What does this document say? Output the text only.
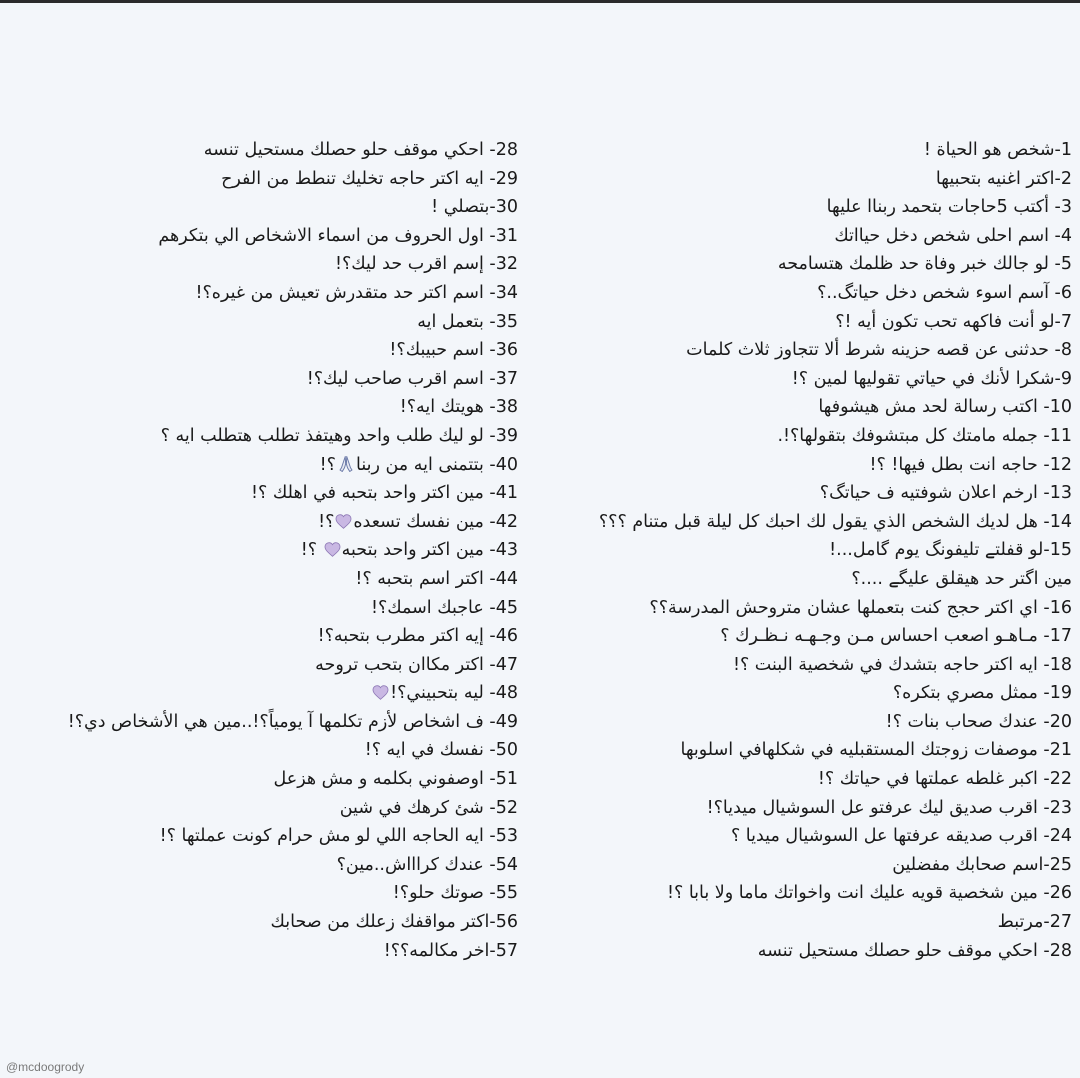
28- احكي موقف حلو حصلك مستحيل تنسه
29- ايه اكتر حاجه تخليك تنطط من الفرح
30-بتصلي !
31- اول الحروف من اسماء الاشخاص الي بتكرهم
32- إسم اقرب حد ليك؟!
34- اسم اكتر حد متقدرش تعيش من غيره؟!
35- بتعمل ايه
36- اسم حبيبك؟!
37- اسم اقرب صاحب ليك؟!
38- هويتك ايه؟!
39- لو ليك طلب واحد وهيتفذ تطلب هتطلب ايه ؟
40- بتتمنى ايه من ربنا؟!
41- مين اكتر واحد بتحبه في اهلك ؟!
42- مين نفسك تسعده؟!
43- مين اكتر واحد بتحبه ؟!
44- اكتر اسم بتحبه ؟!
45- عاجبك اسمك؟!
46- إيه اكتر مطرب بتحبه؟!
47- اكتر مكاان بتحب تروحه
48- ليه بتحبيني؟!
49- ف اشخاص لأزم تكلمها آ يومياً؟!..مين هي الأشخاص دي؟!
50- نفسك في ايه ؟!
51- اوصفوني بكلمه و مش هزعل
52- شئ كرهك في شين
53- ايه الحاجه اللي لو مش حرام كونت عملتها ؟!
54- عندك كراااش..مين؟
55- صوتك حلو؟!
56-اكتر مواقفك زعلك من صحابك
57-اخر مكالمه؟؟!
1-شخص هو الحياة !
2-اكتر اغنيه بتحبيها
3- أكتب 5حاجات بتحمد ربناا عليها
4- اسم احلى شخص دخل حيااتك
5- لو جالك خبر وفاة حد ظلمك هتسامحه
6- آسم اسوء شخص دخل حياتگ..؟
7-لو أنت فاكهه تحب تكون أيه !؟
8- حدثنى عن قصه حزينه شرط ألا تتجاوز ثلاث كلمات
9-شكرا لأنك في حياتي تقوليها لمين ؟!
10- اكتب رسالة لحد مش هيشوفها
11- جمله مامتك كل مبتشوفك بتقولها؟!.
12- حاجه انت بطل فيها! ؟!
13- ارخم اعلان شوفتيه ف حياتگ؟
14- هل لديك الشخص الذي يقول لك احبك كل ليلة قبل متنام ؟؟؟
15-لو قفلتے تليفونگ يوم گامل...!
مين اگتر حد هيقلق عليگے ....؟
16- اي اكتر حجج كنت بتعملها عشان متروحش المدرسة؟؟
17- مـاهـو اصعب احساس مـن وجـهـه نـظـرك ؟
18- ايه اكتر حاجه بتشدك في شخصية البنت ؟!
19- ممثل مصري بتكره؟
20- عندك صحاب بنات ؟!
21- موصفات زوجتك المستقبليه في شكلهافي اسلوبها
22- اكبر غلطه عملتها في حياتك ؟!
23- اقرب صديق ليك عرفتو عل السوشيال ميديا؟!
24- اقرب صديقه عرفتها عل السوشيال ميديا ؟
25-اسم صحابك مفضلين
26- مين شخصية قويه عليك انت واخواتك ماما ولا بابا ؟!
27-مرتبط
28- احكي موقف حلو حصلك مستحيل تنسه
@mcdoogrody
